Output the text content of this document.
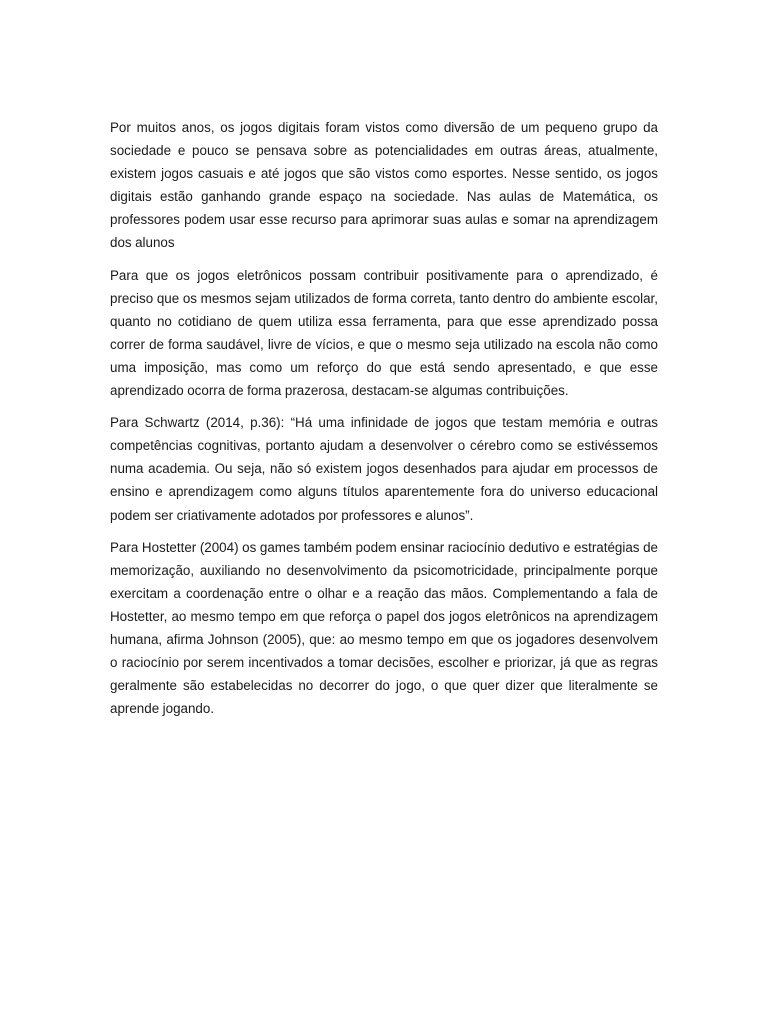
Por muitos anos, os jogos digitais foram vistos como diversão de um pequeno grupo da sociedade e pouco se pensava sobre as potencialidades em outras áreas, atualmente, existem jogos casuais e até jogos que são vistos como esportes. Nesse sentido, os jogos digitais estão ganhando grande espaço na sociedade. Nas aulas de Matemática, os professores podem usar esse recurso para aprimorar suas aulas e somar na aprendizagem dos alunos

Para que os jogos eletrônicos possam contribuir positivamente para o aprendizado, é preciso que os mesmos sejam utilizados de forma correta, tanto dentro do ambiente escolar, quanto no cotidiano de quem utiliza essa ferramenta, para que esse aprendizado possa correr de forma saudável, livre de vícios, e que o mesmo seja utilizado na escola não como uma imposição, mas como um reforço do que está sendo apresentado, e que esse aprendizado ocorra de forma prazerosa, destacam-se algumas contribuições.

Para Schwartz (2014, p.36): “Há uma infinidade de jogos que testam memória e outras competências cognitivas, portanto ajudam a desenvolver o cérebro como se estivéssemos numa academia. Ou seja, não só existem jogos desenhados para ajudar em processos de ensino e aprendizagem como alguns títulos aparentemente fora do universo educacional podem ser criativamente adotados por professores e alunos”.

Para Hostetter (2004) os games também podem ensinar raciocínio dedutivo e estratégias de memorização, auxiliando no desenvolvimento da psicomotricidade, principalmente porque exercitam a coordenação entre o olhar e a reação das mãos. Complementando a fala de Hostetter, ao mesmo tempo em que reforça o papel dos jogos eletrônicos na aprendizagem humana, afirma Johnson (2005), que: ao mesmo tempo em que os jogadores desenvolvem o raciocínio por serem incentivados a tomar decisões, escolher e priorizar, já que as regras geralmente são estabelecidas no decorrer do jogo, o que quer dizer que literalmente se aprende jogando.
